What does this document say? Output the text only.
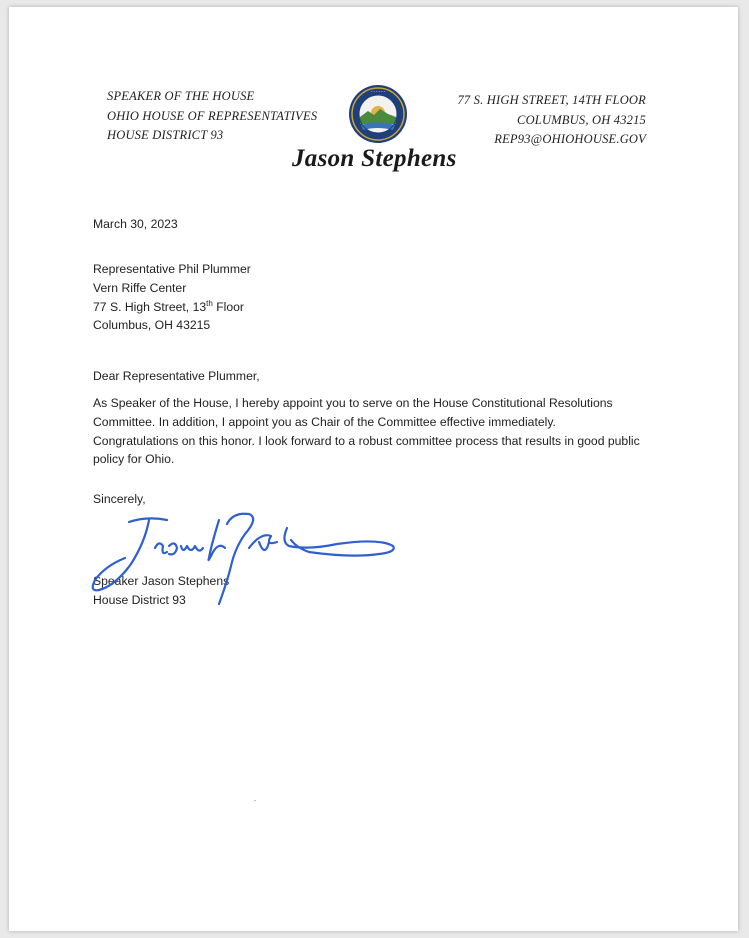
SPEAKER OF THE HOUSE
OHIO HOUSE OF REPRESENTATIVES
HOUSE DISTRICT 93
• • • • • •
Jason Stephens
77 S. HIGH STREET, 14TH FLOOR
COLUMBUS, OH 43215
REP93@OHIOHOUSE.GOV
March 30, 2023
Representative Phil Plummer
Vern Riffe Center
77 S. High Street, 13th Floor
Columbus, OH 43215
Dear Representative Plummer,
As Speaker of the House, I hereby appoint you to serve on the House Constitutional Resolutions
Committee. In addition, I appoint you as Chair of the Committee effective immediately.
Congratulations on this honor. I look forward to a robust committee process that results in good public
policy for Ohio.
Sincerely,
Speaker Jason Stephens
House District 93
